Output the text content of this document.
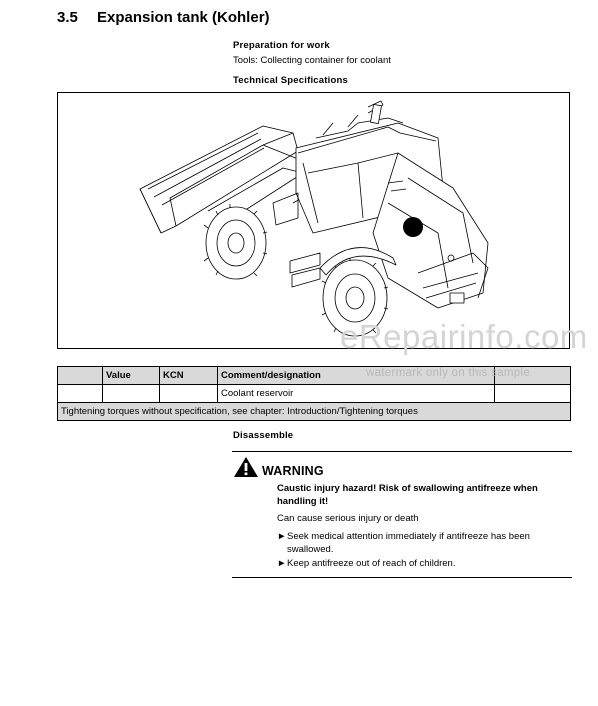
3.5 Expansion tank (Kohler)
Preparation for work
Tools: Collecting container for coolant
Technical Specifications
eRepairinfo.com
	Value	KCN	Comment/designation	
			Coolant reservoir	
Tightening torques without specification, see chapter: Introduction/Tightening torques				
watermark only on this sample
Disassemble
WARNING
Caustic injury hazard! Risk of swallowing antifreeze when handling it!
Can cause serious injury or death
►Seek medical attention immediately if antifreeze has been swallowed.
►Keep antifreeze out of reach of children.
